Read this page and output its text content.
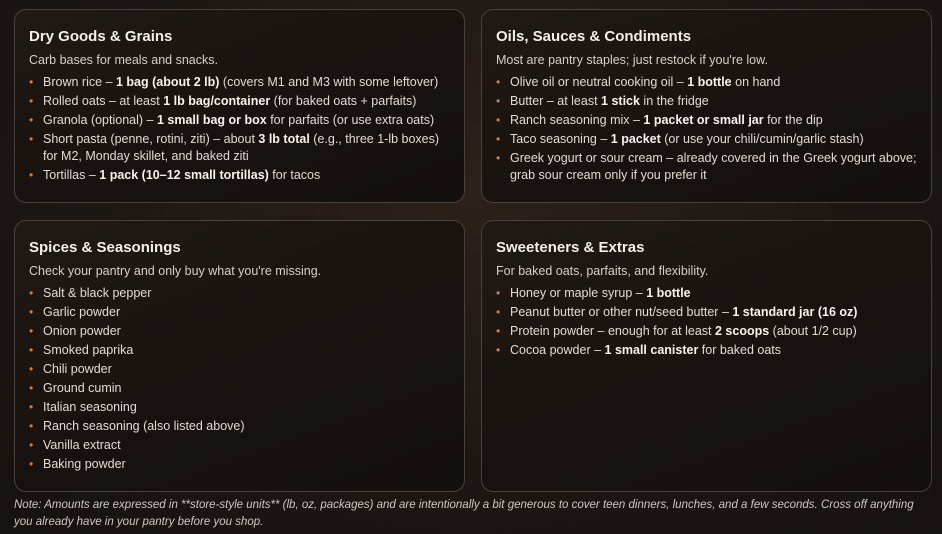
Dry Goods & Grains
Carb bases for meals and snacks.
• Brown rice – 1 bag (about 2 lb) (covers M1 and M3 with some leftover)
• Rolled oats – at least 1 lb bag/container (for baked oats + parfaits)
• Granola (optional) – 1 small bag or box for parfaits (or use extra oats)
• Short pasta (penne, rotini, ziti) – about 3 lb total (e.g., three 1-lb boxes) for M2, Monday skillet, and baked ziti
• Tortillas – 1 pack (10–12 small tortillas) for tacos
Oils, Sauces & Condiments
Most are pantry staples; just restock if you're low.
• Olive oil or neutral cooking oil – 1 bottle on hand
• Butter – at least 1 stick in the fridge
• Ranch seasoning mix – 1 packet or small jar for the dip
• Taco seasoning – 1 packet (or use your chili/cumin/garlic stash)
• Greek yogurt or sour cream – already covered in the Greek yogurt above; grab sour cream only if you prefer it
Spices & Seasonings
Check your pantry and only buy what you're missing.
• Salt & black pepper
• Garlic powder
• Onion powder
• Smoked paprika
• Chili powder
• Ground cumin
• Italian seasoning
• Ranch seasoning (also listed above)
• Vanilla extract
• Baking powder
Sweeteners & Extras
For baked oats, parfaits, and flexibility.
• Honey or maple syrup – 1 bottle
• Peanut butter or other nut/seed butter – 1 standard jar (16 oz)
• Protein powder – enough for at least 2 scoops (about 1/2 cup)
• Cocoa powder – 1 small canister for baked oats
Note: Amounts are expressed in **store-style units** (lb, oz, packages) and are intentionally a bit generous to cover teen dinners, lunches, and a few seconds. Cross off anything you already have in your pantry before you shop.
